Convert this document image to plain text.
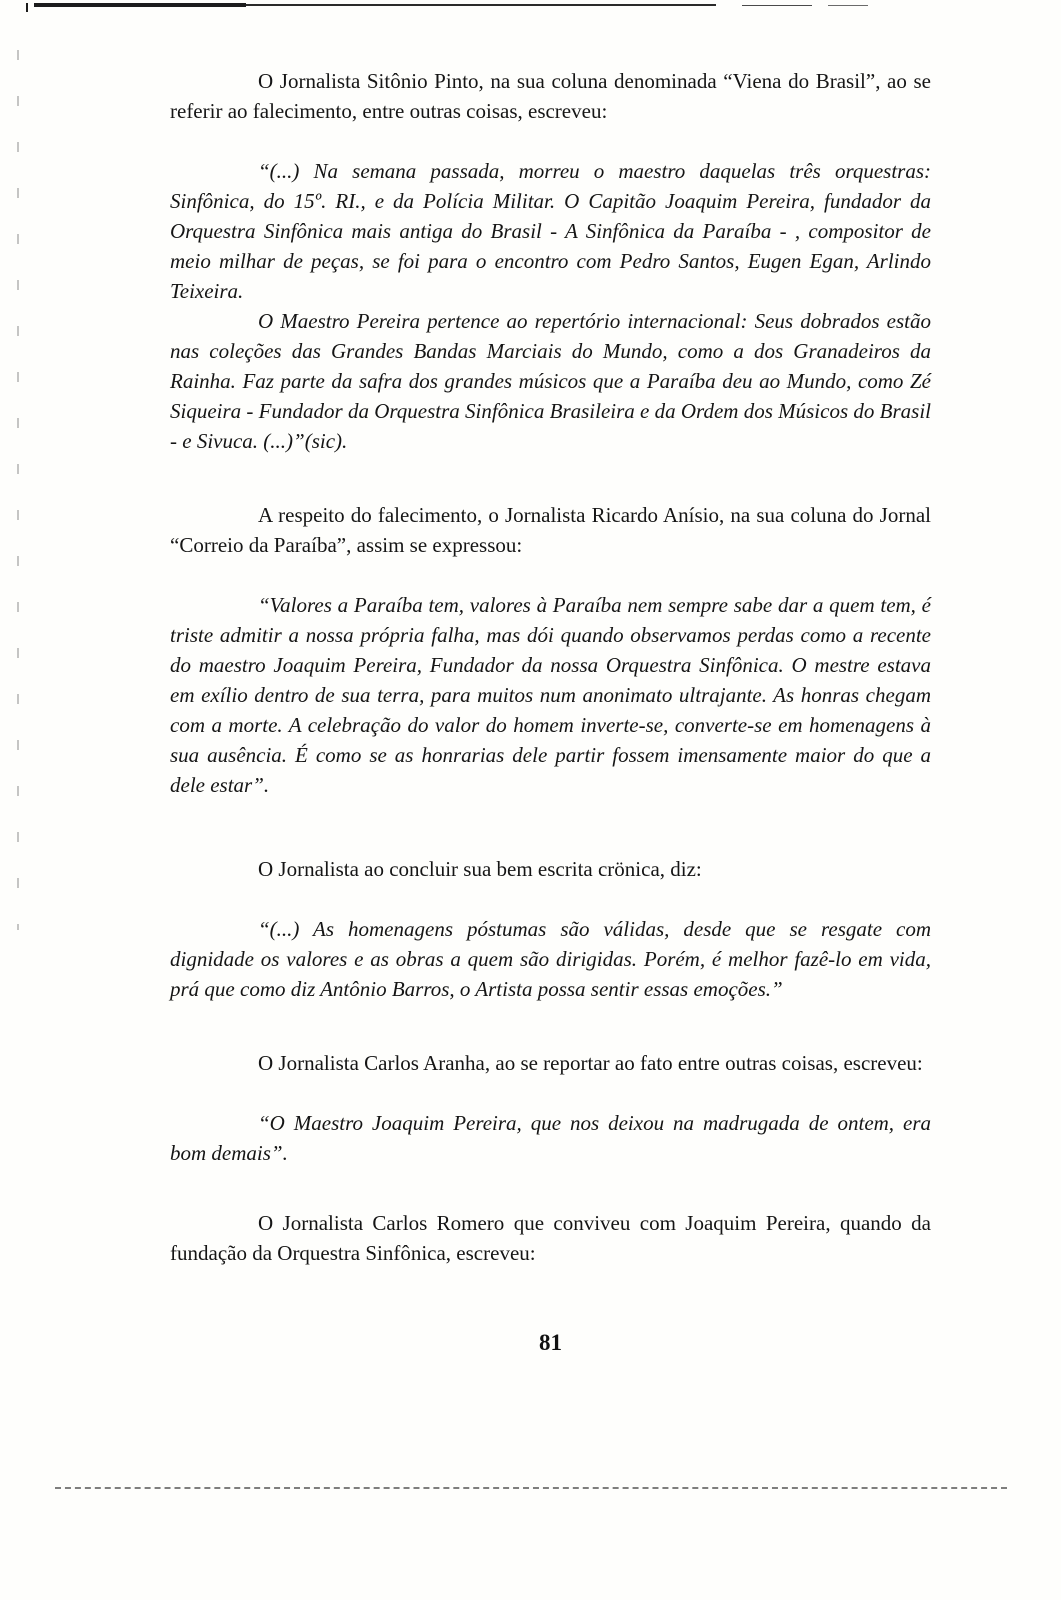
O Jornalista Sitônio Pinto, na sua coluna denominada “Viena do Brasil”, ao se referir ao falecimento, entre outras coisas, escreveu:

“(...) Na semana passada, morreu o maestro daquelas três orquestras: Sinfônica, do 15º. RI., e da Polícia Militar. O Capitão Joaquim Pereira, fundador da Orquestra Sinfônica mais antiga do Brasil - A Sinfônica da Paraíba - , compositor de meio milhar de peças, se foi para o encontro com Pedro Santos, Eugen Egan, Arlindo Teixeira.

O Maestro Pereira pertence ao repertório internacional: Seus dobrados estão nas coleções das Grandes Bandas Marciais do Mundo, como a dos Granadeiros da Rainha. Faz parte da safra dos grandes músicos que a Paraíba deu ao Mundo, como Zé Siqueira - Fundador da Orquestra Sinfônica Brasileira e da Ordem dos Músicos do Brasil - e Sivuca. (...)”(sic).

A respeito do falecimento, o Jornalista Ricardo Anísio, na sua coluna do Jornal “Correio da Paraíba”, assim se expressou:

“Valores a Paraíba tem, valores à Paraíba nem sempre sabe dar a quem tem, é triste admitir a nossa própria falha, mas dói quando observamos perdas como a recente do maestro Joaquim Pereira, Fundador da nossa Orquestra Sinfônica. O mestre estava em exílio dentro de sua terra, para muitos num anonimato ultrajante. As honras chegam com a morte. A celebração do valor do homem inverte-se, converte-se em homenagens à sua ausência. É como se as honrarias dele partir fossem imensamente maior do que a dele estar”.

O Jornalista ao concluir sua bem escrita crönica, diz:

“(...) As homenagens póstumas são válidas, desde que se resgate com dignidade os valores e as obras a quem são dirigidas. Porém, é melhor fazê-lo em vida, prá que como diz Antônio Barros, o Artista possa sentir essas emoções.”

O Jornalista Carlos Aranha, ao se reportar ao fato entre outras coisas, escreveu:

“O Maestro Joaquim Pereira, que nos deixou na madrugada de ontem, era bom demais”.

O Jornalista Carlos Romero que conviveu com Joaquim Pereira, quando da fundação da Orquestra Sinfônica, escreveu:

81
